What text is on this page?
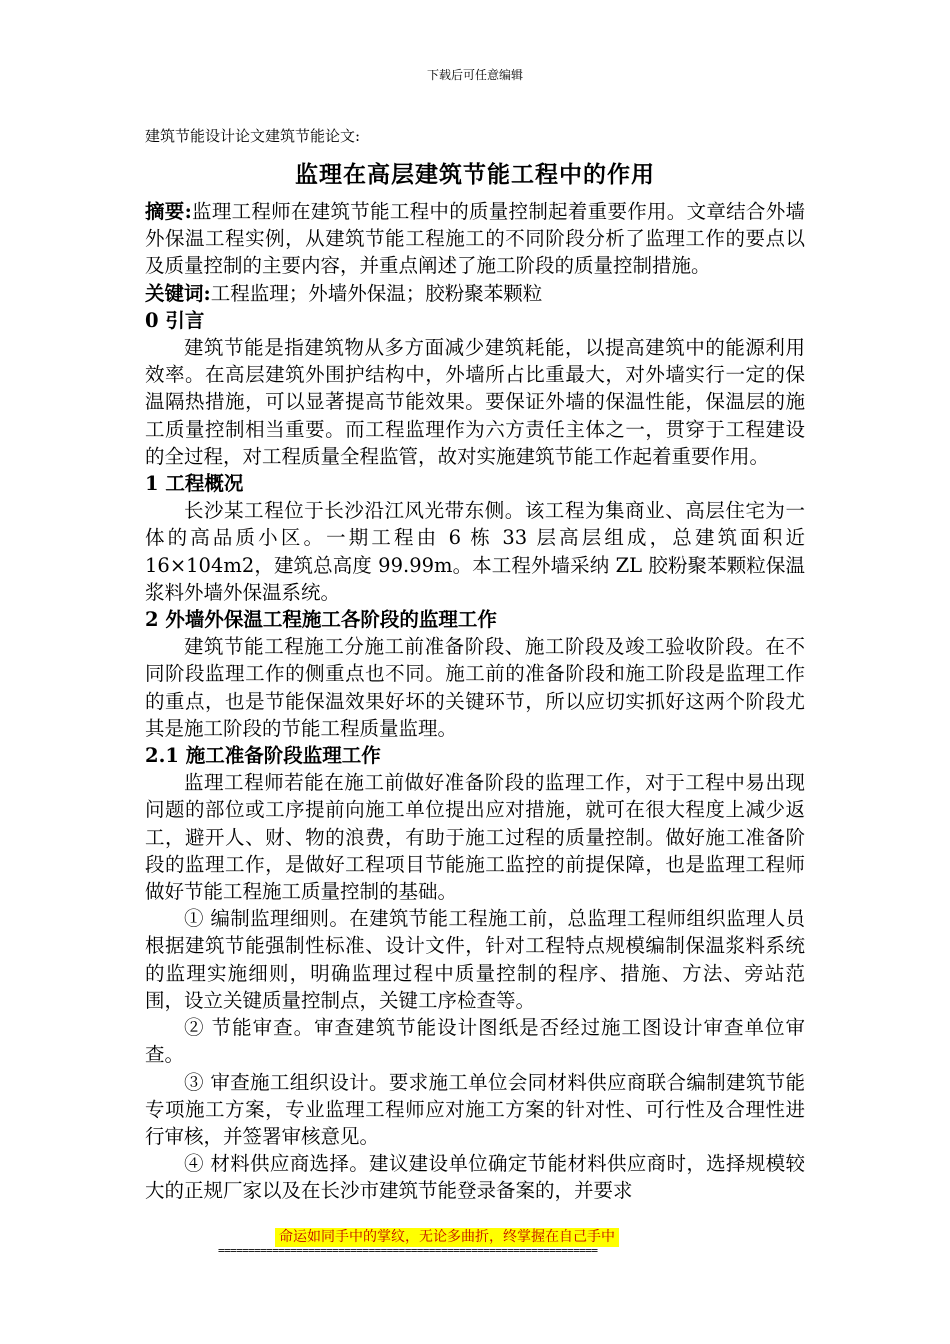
下载后可任意编辑
建筑节能设计论文建筑节能论文:
监理在高层建筑节能工程中的作用

摘要:监理工程师在建筑节能工程中的质量控制起着重要作用。文章结合外墙外保温工程实例，从建筑节能工程施工的不同阶段分析了监理工作的要点以及质量控制的主要内容，并重点阐述了施工阶段的质量控制措施。

关键词:工程监理；外墙外保温；胶粉聚苯颗粒

0 引言

建筑节能是指建筑物从多方面减少建筑耗能，以提高建筑中的能源利用效率。在高层建筑外围护结构中，外墙所占比重最大，对外墙实行一定的保温隔热措施，可以显著提高节能效果。要保证外墙的保温性能，保温层的施工质量控制相当重要。而工程监理作为六方责任主体之一，贯穿于工程建设的全过程，对工程质量全程监管，故对实施建筑节能工作起着重要作用。

1 工程概况

长沙某工程位于长沙沿江风光带东侧。该工程为集商业、高层住宅为一体的高品质小区。一期工程由 6 栋 33 层高层组成，总建筑面积近 16×104m2，建筑总高度 99.99m。本工程外墙采纳 ZL 胶粉聚苯颗粒保温浆料外墙外保温系统。

2 外墙外保温工程施工各阶段的监理工作

建筑节能工程施工分施工前准备阶段、施工阶段及竣工验收阶段。在不同阶段监理工作的侧重点也不同。施工前的准备阶段和施工阶段是监理工作的重点，也是节能保温效果好坏的关键环节，所以应切实抓好这两个阶段尤其是施工阶段的节能工程质量监理。

2.1 施工准备阶段监理工作

监理工程师若能在施工前做好准备阶段的监理工作，对于工程中易出现问题的部位或工序提前向施工单位提出应对措施，就可在很大程度上减少返工，避开人、财、物的浪费，有助于施工过程的质量控制。做好施工准备阶段的监理工作，是做好工程项目节能施工监控的前提保障，也是监理工程师做好节能工程施工质量控制的基础。

① 编制监理细则。在建筑节能工程施工前，总监理工程师组织监理人员根据建筑节能强制性标准、设计文件，针对工程特点规模编制保温浆料系统的监理实施细则，明确监理过程中质量控制的程序、措施、方法、旁站范围，设立关键质量控制点，关键工序检查等。

② 节能审查。审查建筑节能设计图纸是否经过施工图设计审查单位审查。

③ 审查施工组织设计。要求施工单位会同材料供应商联合编制建筑节能专项施工方案，专业监理工程师应对施工方案的针对性、可行性及合理性进行审核，并签署审核意见。

④ 材料供应商选择。建议建设单位确定节能材料供应商时，选择规模较大的正规厂家以及在长沙市建筑节能登录备案的，并要求

命运如同手中的掌纹，无论多曲折，终掌握在自己手中
===============================================================
